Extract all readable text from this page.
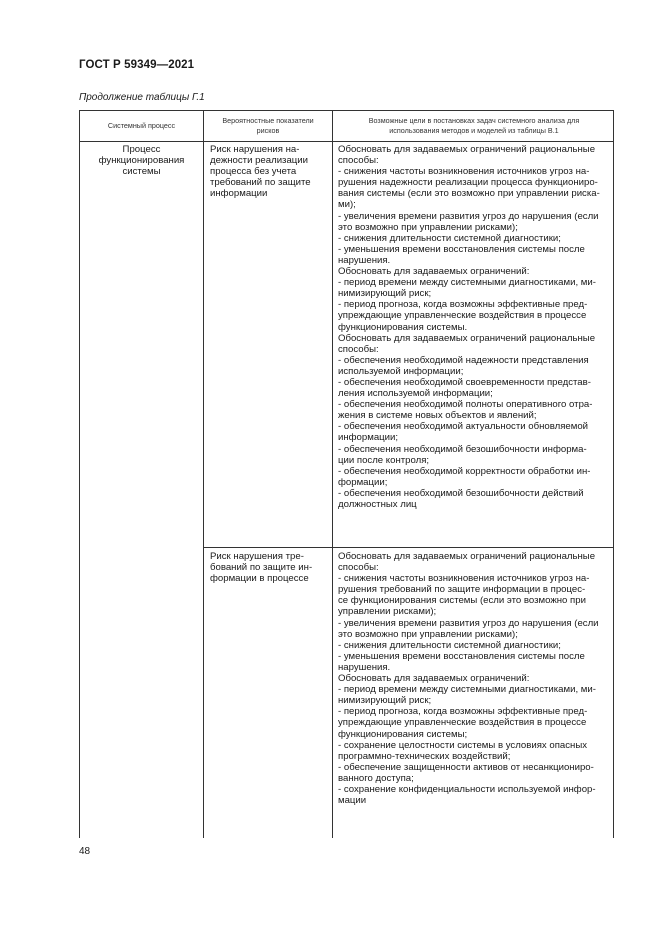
ГОСТ Р 59349—2021
Продолжение таблицы Г.1
Системный процесс
Вероятностные показатели рисков
Возможные цели в постановках задач системного анализа для использования методов и моделей из таблицы В.1

Процесс

функционирования

системы

Риск нарушения на-

дежности реализации

процесса без учета

требований по защите

информации

Обосновать для задаваемых ограничений рациональные

способы:

- снижения частоты возникновения источников угроз на-

рушения надежности реализации процесса функциониро-

вания системы (если это возможно при управлении риска-

ми);

- увеличения времени развития угроз до нарушения (если

это возможно при управлении рисками);

- снижения длительности системной диагностики;

- уменьшения времени восстановления системы после

нарушения.

Обосновать для задаваемых ограничений:

- период времени между системными диагностиками, ми-

нимизирующий риск;

- период прогноза, когда возможны эффективные пред-

упреждающие управленческие воздействия в процессе

функционирования системы.

Обосновать для задаваемых ограничений рациональные

способы:

- обеспечения необходимой надежности представления

используемой информации;

- обеспечения необходимой своевременности представ-

ления используемой информации;

- обеспечения необходимой полноты оперативного отра-

жения в системе новых объектов и явлений;

- обеспечения необходимой актуальности обновляемой

информации;

- обеспечения необходимой безошибочности информа-

ции после контроля;

- обеспечения необходимой корректности обработки ин-

формации;

- обеспечения необходимой безошибочности действий

должностных лиц

Риск нарушения тре-

бований по защите ин-

формации в процессе

Обосновать для задаваемых ограничений рациональные

способы:

- снижения частоты возникновения источников угроз на-

рушения требований по защите информации в процес-

се функционирования системы (если это возможно при

управлении рисками);

- увеличения времени развития угроз до нарушения (если

это возможно при управлении рисками);

- снижения длительности системной диагностики;

- уменьшения времени восстановления системы после

нарушения.

Обосновать для задаваемых ограничений:

- период времени между системными диагностиками, ми-

нимизирующий риск;

- период прогноза, когда возможны эффективные пред-

упреждающие управленческие воздействия в процессе

функционирования системы;

- сохранение целостности системы в условиях опасных

программно-технических воздействий;

- обеспечение защищенности активов от несанкциониро-

ванного доступа;

- сохранение конфиденциальности используемой инфор-

мации

48
